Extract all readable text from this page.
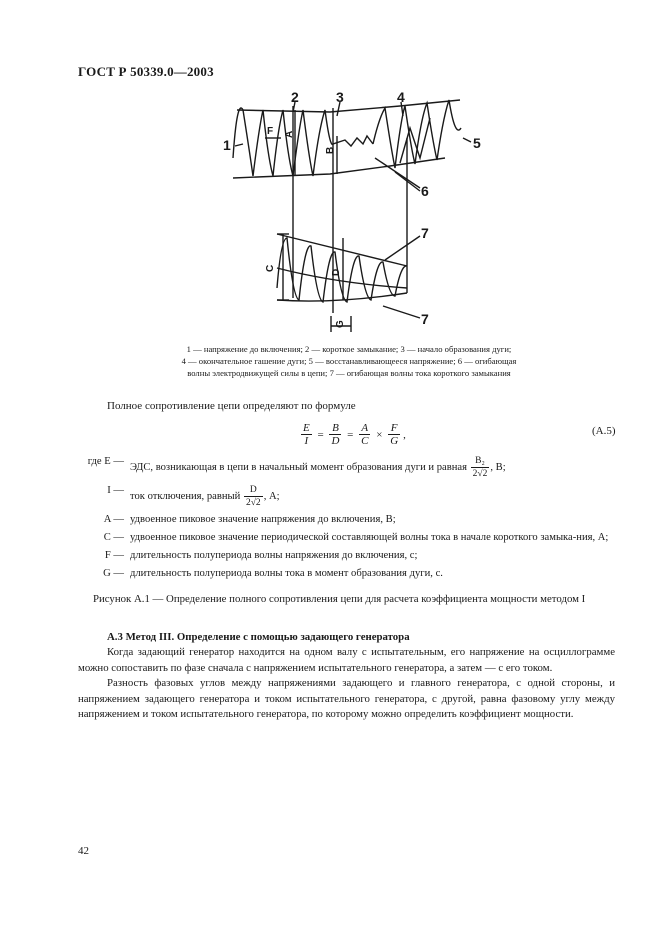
ГОСТ Р 50339.0—2003
1
2	3	4
5
6
7
7
F A
B
C
D
G
1 — напряжение до включения; 2 — короткое замыкание; 3 — начало образования дуги;
4 — окончательное гашение дуги; 5 — восстанавливающееся напряжение; 6 — огибающая
волны электродвижущей силы в цепи; 7 — огибающая волны тока короткого замыкания
Полное сопротивление цепи определяют по формуле
$\frac{E}{I} = \frac{B}{D} = \frac{A}{C} \times \frac{F}{G}$ ,	(А.5)
где E —
ЭДС, возникающая в цепи в начальный момент образования дуги и равная $\frac{\text{B₂}}{2√2}$ , В;
I —
ток отключения, равный $\frac{D}{2√2}$ , А;
A — удвоенное пиковое значение напряжения до включения, В;
C — удвоенное пиковое значение периодической составляющей волны тока в начале короткого замыка-ния, А;
F — длительность полупериода волны напряжения до включения, с;
G — длительность полупериода волны тока в момент образования дуги, с.
Рисунок А.1 — Определение полного сопротивления цепи для расчета коэффициента мощности методом I
А.3 Метод III. Определение с помощью задающего генератора
Когда задающий генератор находится на одном валу с испытательным, его напряжение на осциллограмме можно сопоставить по фазе сначала с напряжением испытательного генератора, а затем — с его током.
Разность фазовых углов между напряжениями задающего и главного генератора, с одной стороны, и напряжением задающего генератора и током испытательного генератора, с другой, равна фазовому углу между напряжением и током испытательного генератора, по которому можно определить коэффициент мощности.
42
